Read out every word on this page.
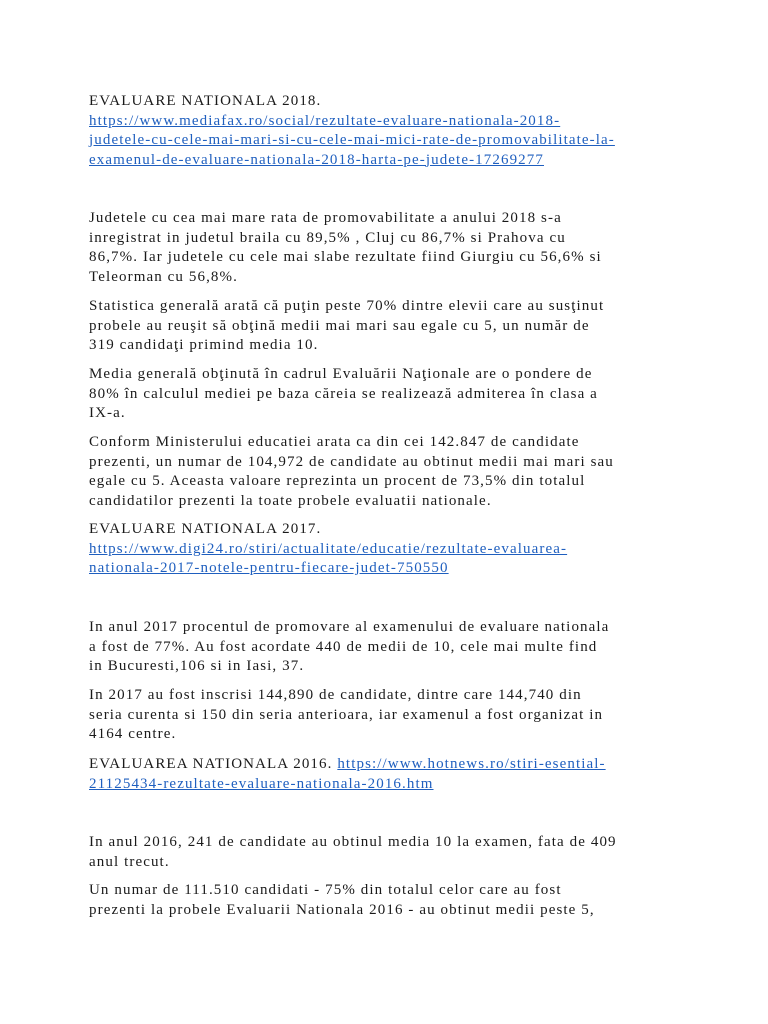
EVALUARE NATIONALA 2018.
https://www.mediafax.ro/social/rezultate-evaluare-nationala-2018-
judetele-cu-cele-mai-mari-si-cu-cele-mai-mici-rate-de-promovabilitate-la-
examenul-de-evaluare-nationala-2018-harta-pe-judete-17269277

Judetele cu cea mai mare rata de promovabilitate a anului 2018 s-a
inregistrat in judetul braila cu 89,5% , Cluj cu 86,7% si Prahova cu
86,7%. Iar judetele cu cele mai slabe rezultate fiind Giurgiu cu 56,6% si
Teleorman cu 56,8%.

Statistica generală arată că puţin peste 70% dintre elevii care au susţinut
probele au reuşit să obţină medii mai mari sau egale cu 5, un număr de
319 candidaţi primind media 10.

Media generală obţinută în cadrul Evaluării Naţionale are o pondere de
80% în calculul mediei pe baza căreia se realizează admiterea în clasa a
IX-a.

Conform Ministerului educatiei arata ca din cei 142.847 de candidate
prezenti, un numar de 104,972 de candidate au obtinut medii mai mari sau
egale cu 5. Aceasta valoare reprezinta un procent de 73,5% din totalul
candidatilor prezenti la toate probele evaluatii nationale.

EVALUARE NATIONALA 2017.
https://www.digi24.ro/stiri/actualitate/educatie/rezultate-evaluarea-
nationala-2017-notele-pentru-fiecare-judet-750550

In anul 2017 procentul de promovare al examenului de evaluare nationala
a fost de 77%. Au fost acordate 440 de medii de 10, cele mai multe find
in Bucuresti,106 si in Iasi, 37.

In 2017 au fost inscrisi 144,890 de candidate, dintre care 144,740 din
seria curenta si 150 din seria anterioara, iar examenul a fost organizat in
4164 centre.

EVALUAREA NATIONALA 2016. https://www.hotnews.ro/stiri-esential-
21125434-rezultate-evaluare-nationala-2016.htm

In anul 2016, 241 de candidate au obtinul media 10 la examen, fata de 409
anul trecut.

Un numar de 111.510 candidati - 75% din totalul celor care au fost
prezenti la probele Evaluarii Nationala 2016 - au obtinut medii peste 5,
